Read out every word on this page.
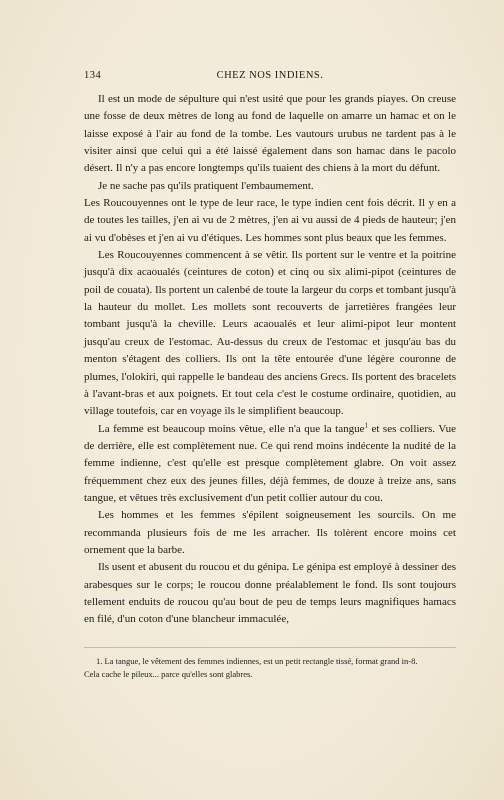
134	CHEZ NOS INDIENS.

Il est un mode de sépulture qui n'est usité que pour les grands piayes. On creuse une fosse de deux mètres de long au fond de laquelle on amarre un hamac et on le laisse exposé à l'air au fond de la tombe. Les vautours urubus ne tardent pas à le visiter ainsi que celui qui a été laissé également dans son hamac dans le pacolo désert. Il n'y a pas encore longtemps qu'ils tuaient des chiens à la mort du défunt.

Je ne sache pas qu'ils pratiquent l'embaumement.

Les Roucouyennes ont le type de leur race, le type indien cent fois décrit. Il y en a de toutes les tailles, j'en ai vu de 2 mètres, j'en ai vu aussi de 4 pieds de hauteur; j'en ai vu d'obèses et j'en ai vu d'étiques. Les hommes sont plus beaux que les femmes.

Les Roucouyennes commencent à se vêtir. Ils portent sur le ventre et la poitrine jusqu'à dix acaoualés (ceintures de coton) et cinq ou six alimi-pipot (ceintures de poil de couata). Ils portent un calenbé de toute la largeur du corps et tombant jusqu'à la hauteur du mollet. Les mollets sont recouverts de jarretières frangées leur tombant jusqu'à la cheville. Leurs acaoualés et leur alimi-pipot leur montent jusqu'au creux de l'estomac. Au-dessus du creux de l'estomac et jusqu'au bas du menton s'étagent des colliers. Ils ont la tête entourée d'une légère couronne de plumes, l'olokiri, qui rappelle le bandeau des anciens Grecs. Ils portent des bracelets à l'avant-bras et aux poignets. Et tout cela c'est le costume ordinaire, quotidien, au village toutefois, car en voyage ils le simplifient beaucoup.

La femme est beaucoup moins vêtue, elle n'a que la tangue$^1$ et ses colliers. Vue de derrière, elle est complètement nue. Ce qui rend moins indécente la nudité de la femme indienne, c'est qu'elle est presque complètement glabre. On voit assez fréquemment chez eux des jeunes filles, déjà femmes, de douze à treize ans, sans tangue, et vêtues très exclusivement d'un petit collier autour du cou.

Les hommes et les femmes s'épilent soigneusement les sourcils. On me recommanda plusieurs fois de me les arracher. Ils tolèrent encore moins cet ornement que la barbe.

Ils usent et abusent du roucou et du génipa. Le génipa est employé à dessiner des arabesques sur le corps; le roucou donne préalablement le fond. Ils sont toujours tellement enduits de roucou qu'au bout de peu de temps leurs magnifiques hamacs en filé, d'un coton d'une blancheur immaculée,

1. La tangue, le vêtement des femmes indiennes, est un petit rectangle tissé, format grand in-8.

Cela cache le pileux... parce qu'elles sont glabres.
